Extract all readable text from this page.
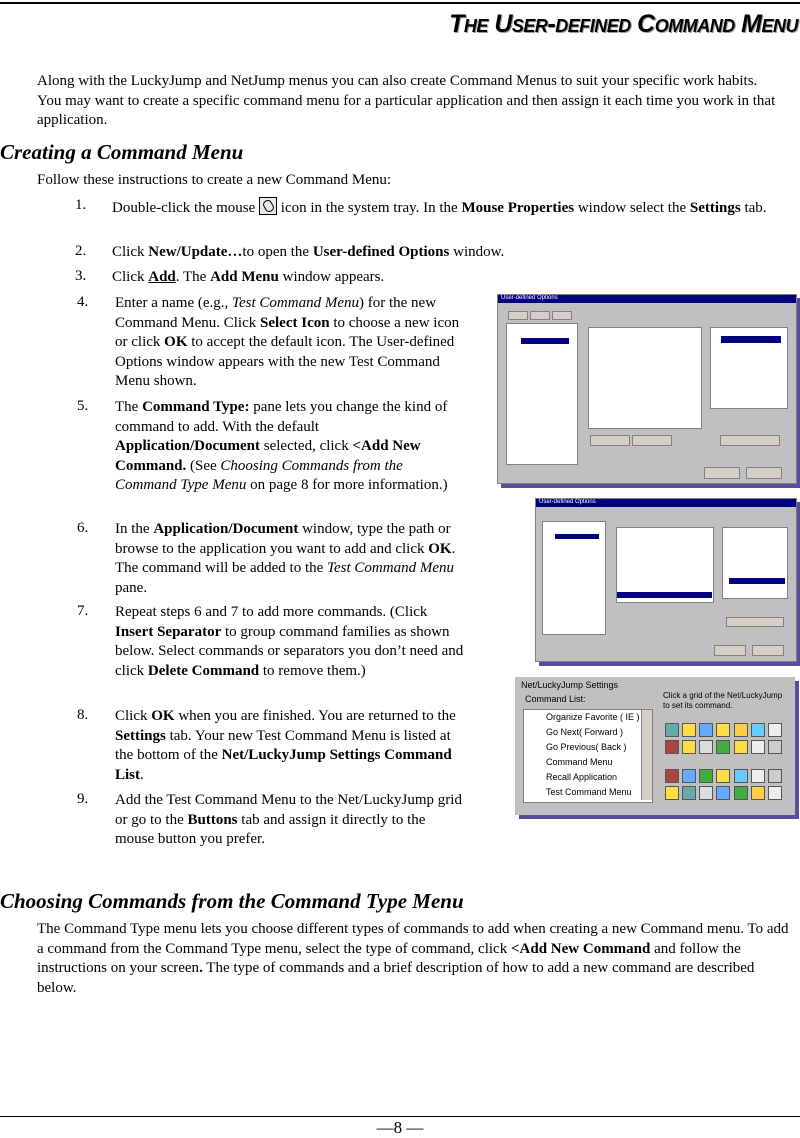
The User-defined Command Menu
Along with the LuckyJump and NetJump menus you can also create Command Menus to suit your specific work habits. You may want to create a specific command menu for a particular application and then assign it each time you work in that application.
Creating a Command Menu
Follow these instructions to create a new Command Menu:
1. Double-click the mouse  icon in the system tray. In the Mouse Properties window select the Settings tab.
2. Click New/Update…to open the User-defined Options window.
3. Click Add. The Add Menu window appears.
4. Enter a name (e.g., Test Command Menu) for the new Command Menu. Click Select Icon to choose a new icon or click OK to accept the default icon. The User-defined Options window appears with the new Test Command Menu shown.
5. The Command Type: pane lets you change the kind of command to add. With the default Application/Document selected, click <Add New Command. (See Choosing Commands from the Command Type Menu on page 8 for more information.)
6. In the Application/Document window, type the path or browse to the application you want to add and click OK. The command will be added to the Test Command Menu pane.
7. Repeat steps 6 and 7 to add more commands. (Click Insert Separator to group command families as shown below. Select commands or separators you don’t need and click Delete Command to remove them.)
8. Click OK when you are finished. You are returned to the Settings tab. Your new Test Command Menu is listed at the bottom of the Net/LuckyJump Settings Command List.
9. Add the Test Command Menu to the Net/LuckyJump grid or go to the Buttons tab and assign it directly to the mouse button you prefer.
User-defined Options
User-defined Options
Net/LuckyJump Settings
Command List:	Click a grid of the Net/LuckyJump to set its command.
Organize Favorite ( IE )
Go Next( Forward )
Go Previous( Back )
Command Menu
Recall Application
Test Command Menu
Choosing Commands from the Command Type Menu
The Command Type menu lets you choose different types of commands to add when creating a new Command menu. To add a command from the Command Type menu, select the type of command, click <Add New Command and follow the instructions on your screen. The type of commands and a brief description of how to add a new command are described below.
—8 —
